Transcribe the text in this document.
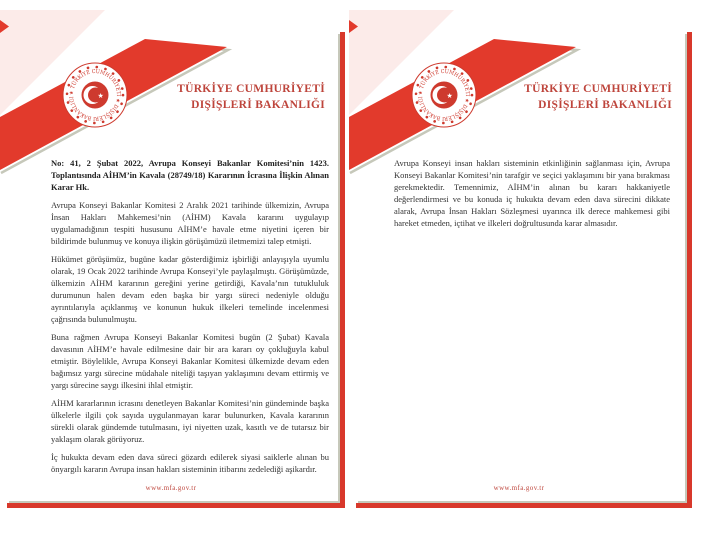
★ TÜRKİYE CUMHURİYETİ ★ DIŞİŞLERİ BAKANLIĞI	★
TÜRKİYE CUMHURİYETİ
DIŞİŞLERİ BAKANLIĞI

No: 41, 2 Şubat 2022, Avrupa Konseyi Bakanlar Komitesi’nin 1423. Toplantısında AİHM’in Kavala (28749/18) Kararının İcrasına İlişkin Alınan Karar Hk.

Avrupa Konseyi Bakanlar Komitesi 2 Aralık 2021 tarihinde ülkemizin, Avrupa İnsan Hakları Mahkemesi’nin (AİHM) Kavala kararını uygulayıp uygulamadığının tespiti hususunu AİHM’e havale etme niyetini içeren bir bildirimde bulunmuş ve konuya ilişkin görüşümüzü iletmemizi talep etmişti.

Hükümet görüşümüz, bugüne kadar gösterdiğimiz işbirliği anlayışıyla uyumlu olarak, 19 Ocak 2022 tarihinde Avrupa Konseyi’yle paylaşılmıştı. Görüşümüzde, ülkemizin AİHM kararının gereğini yerine getirdiği, Kavala’nın tutukluluk durumunun halen devam eden başka bir yargı süreci nedeniyle olduğu ayrıntılarıyla açıklanmış ve konunun hukuk ilkeleri temelinde incelenmesi çağrısında bulunulmuştu.

Buna rağmen Avrupa Konseyi Bakanlar Komitesi bugün (2 Şubat) Kavala davasının AİHM’e havale edilmesine dair bir ara kararı oy çokluğuyla kabul etmiştir. Böylelikle, Avrupa Konseyi Bakanlar Komitesi ülkemizde devam eden bağımsız yargı sürecine müdahale niteliği taşıyan yaklaşımını devam ettirmiş ve yargı sürecine saygı ilkesini ihlal etmiştir.

AİHM kararlarının icrasını denetleyen Bakanlar Komitesi’nin gündeminde başka ülkelerle ilgili çok sayıda uygulanmayan karar bulunurken, Kavala kararının sürekli olarak gündemde tutulmasını, iyi niyetten uzak, kasıtlı ve de tutarsız bir yaklaşım olarak görüyoruz.

İç hukukta devam eden dava süreci gözardı edilerek siyasi saiklerle alınan bu önyargılı kararın Avrupa insan hakları sisteminin itibarını zedelediği aşikardır.

www.mfa.gov.tr
★ TÜRKİYE CUMHURİYETİ ★ DIŞİŞLERİ BAKANLIĞI	★
TÜRKİYE CUMHURİYETİ
DIŞİŞLERİ BAKANLIĞI

Avrupa Konseyi insan hakları sisteminin etkinliğinin sağlanması için, Avrupa Konseyi Bakanlar Komitesi’nin tarafgir ve seçici yaklaşımını bir yana bırakması gerekmektedir. Temennimiz, AİHM’in alınan bu kararı hakkaniyetle değerlendirmesi ve bu konuda iç hukukta devam eden dava sürecini dikkate alarak, Avrupa İnsan Hakları Sözleşmesi uyarınca ilk derece mahkemesi gibi hareket etmeden, içtihat ve ilkeleri doğrultusunda karar almasıdır.

www.mfa.gov.tr
